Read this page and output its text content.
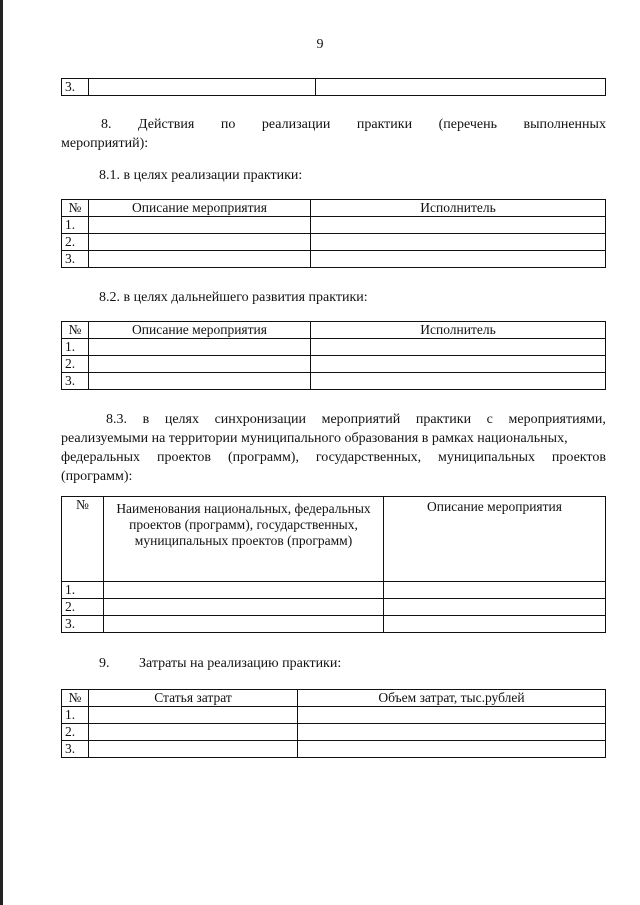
9
3.		
8. Действия по реализации практики (перечень выполненных
мероприятий):
8.1. в целях реализации практики:
№	Описание мероприятия	Исполнитель
1.		
2.		
3.		
8.2. в целях дальнейшего развития практики:
№	Описание мероприятия	Исполнитель
1.		
2.		
3.		
8.3. в целях синхронизации мероприятий практики с мероприятиями,
реализуемыми на территории муниципального образования в рамках национальных,
федеральных проектов (программ), государственных, муниципальных проектов
(программ):
№	Наименования национальных, федеральных проектов (программ), государственных, муниципальных проектов (программ)	Описание мероприятия
1.		
2.		
3.		
9. Затраты на реализацию практики:
№	Статья затрат	Объем затрат, тыс.рублей
1.		
2.		
3.		
